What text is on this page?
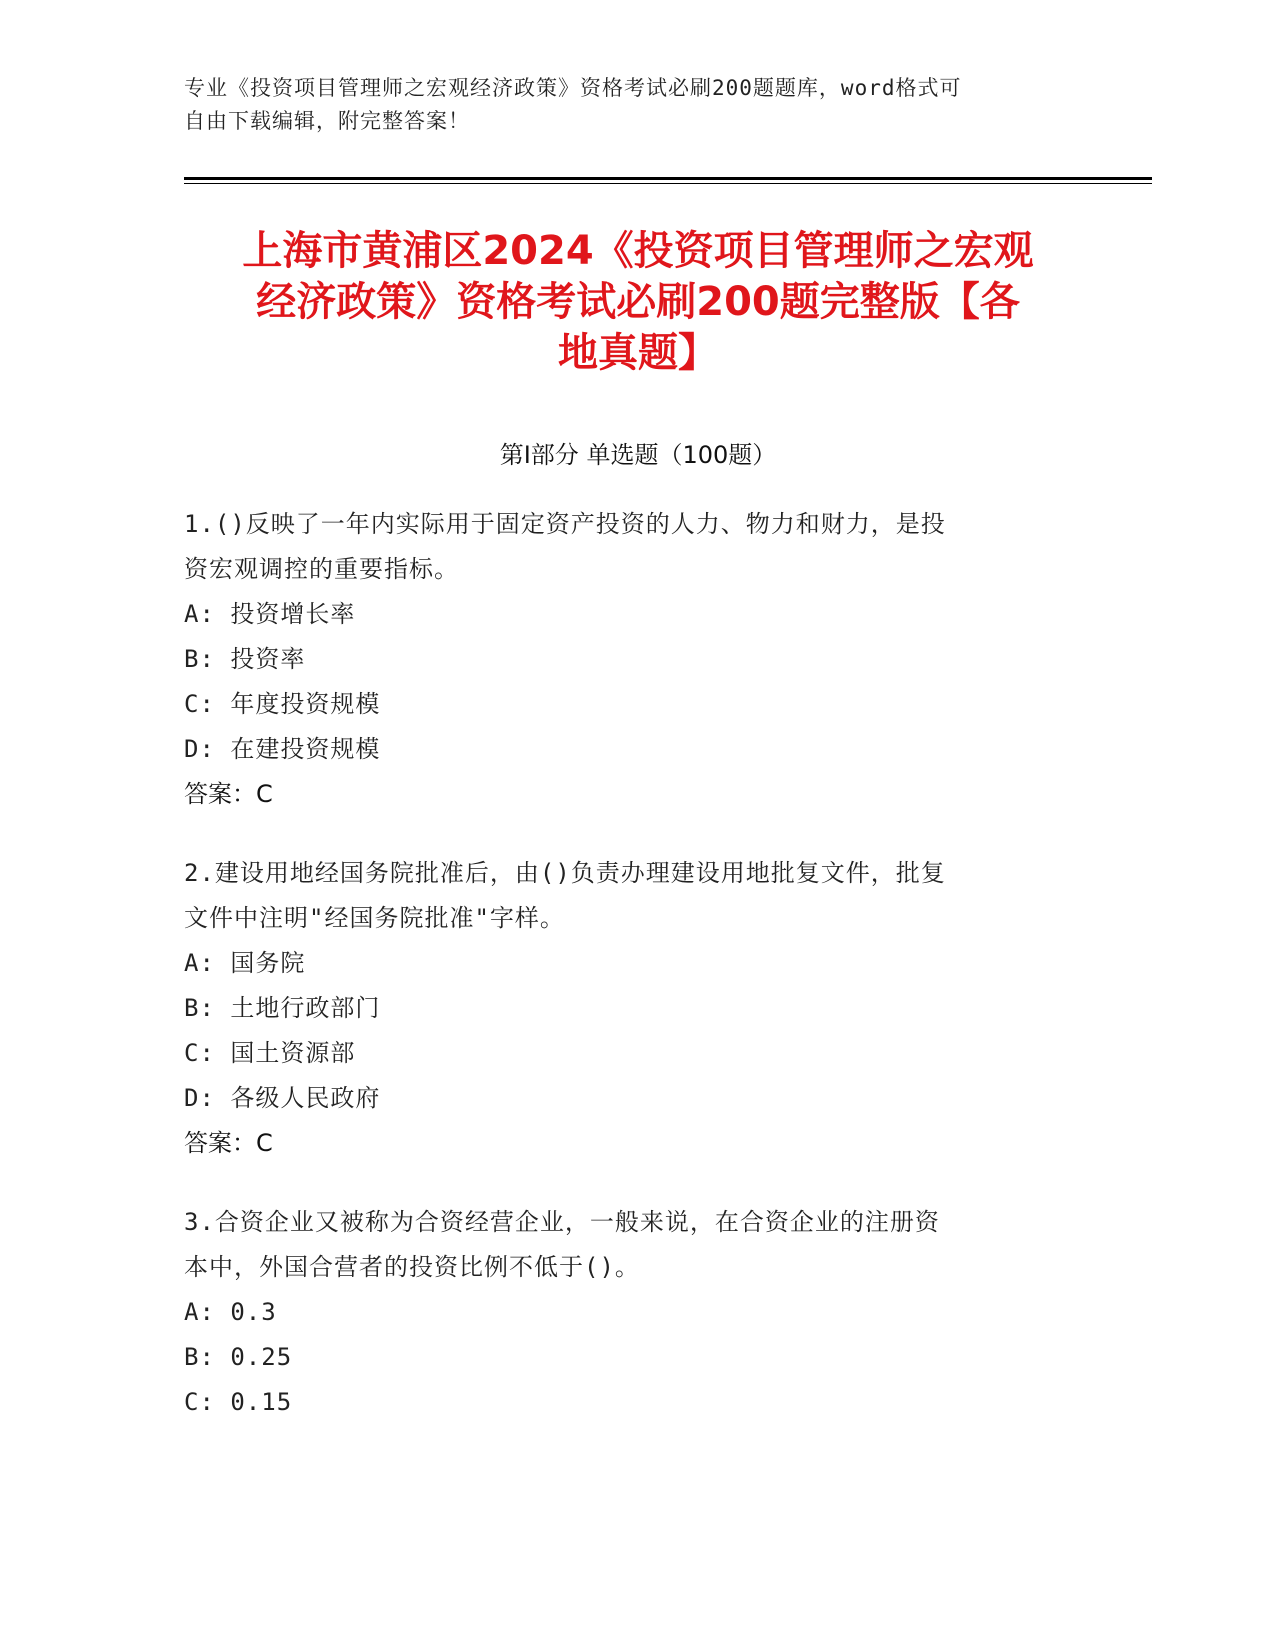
专业《投资项目管理师之宏观经济政策》资格考试必刷200题题库，word格式可
自由下载编辑，附完整答案！
上海市黄浦区2024《投资项目管理师之宏观
经济政策》资格考试必刷200题完整版【各
地真题】
第Ⅰ部分 单选题（100题）
1.()反映了一年内实际用于固定资产投资的人力、物力和财力，是投
资宏观调控的重要指标。
A: 投资增长率
B: 投资率
C: 年度投资规模
D: 在建投资规模
答案：C
2.建设用地经国务院批准后，由()负责办理建设用地批复文件，批复
文件中注明"经国务院批准"字样。
A: 国务院
B: 土地行政部门
C: 国土资源部
D: 各级人民政府
答案：C
3.合资企业又被称为合资经营企业，一般来说，在合资企业的注册资
本中，外国合营者的投资比例不低于()。
A: 0.3
B: 0.25
C: 0.15
